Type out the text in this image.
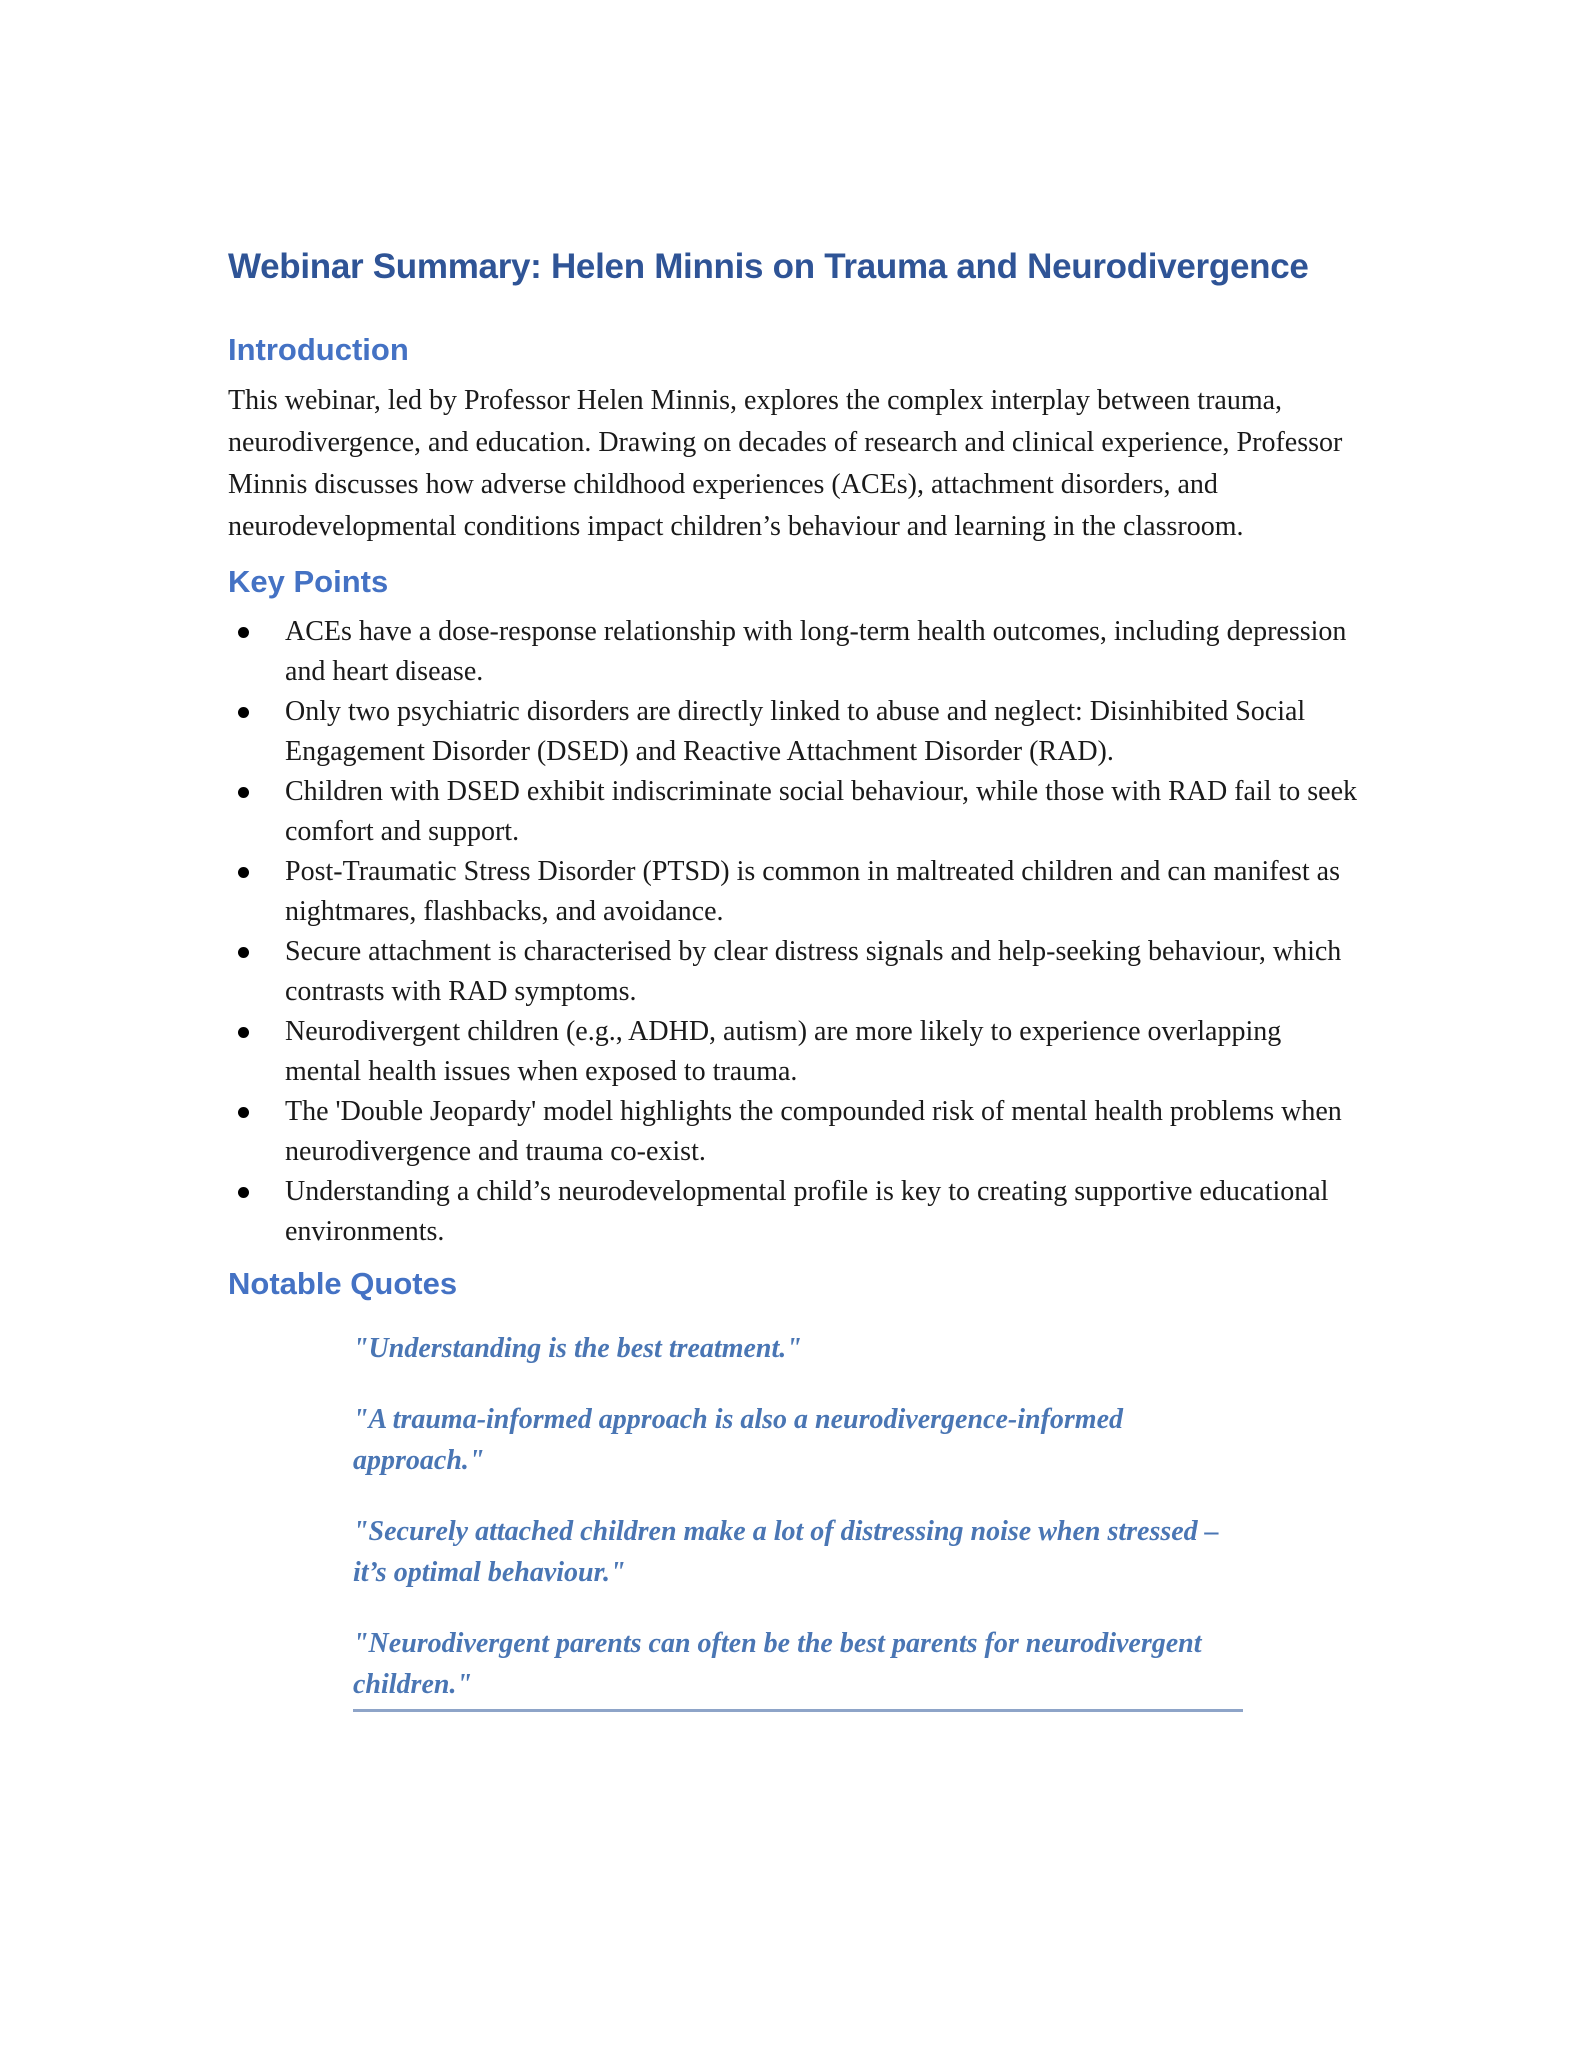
Webinar Summary: Helen Minnis on Trauma and Neurodivergence
Introduction

This webinar, led by Professor Helen Minnis, explores the complex interplay between trauma, neurodivergence, and education. Drawing on decades of research and clinical experience, Professor Minnis discusses how adverse childhood experiences (ACEs), attachment disorders, and neurodevelopmental conditions impact children’s behaviour and learning in the classroom.

Key Points
ACEs have a dose-response relationship with long-term health outcomes, including depression and heart disease.
Only two psychiatric disorders are directly linked to abuse and neglect: Disinhibited Social Engagement Disorder (DSED) and Reactive Attachment Disorder (RAD).
Children with DSED exhibit indiscriminate social behaviour, while those with RAD fail to seek comfort and support.
Post-Traumatic Stress Disorder (PTSD) is common in maltreated children and can manifest as nightmares, flashbacks, and avoidance.
Secure attachment is characterised by clear distress signals and help-seeking behaviour, which contrasts with RAD symptoms.
Neurodivergent children (e.g., ADHD, autism) are more likely to experience overlapping mental health issues when exposed to trauma.
The 'Double Jeopardy' model highlights the compounded risk of mental health problems when neurodivergence and trauma co-exist.
Understanding a child’s neurodevelopmental profile is key to creating supportive educational environments.
Notable Quotes

"Understanding is the best treatment."

"A trauma-informed approach is also a neurodivergence-informed approach."

"Securely attached children make a lot of distressing noise when stressed – it’s optimal behaviour."

"Neurodivergent parents can often be the best parents for neurodivergent children."
